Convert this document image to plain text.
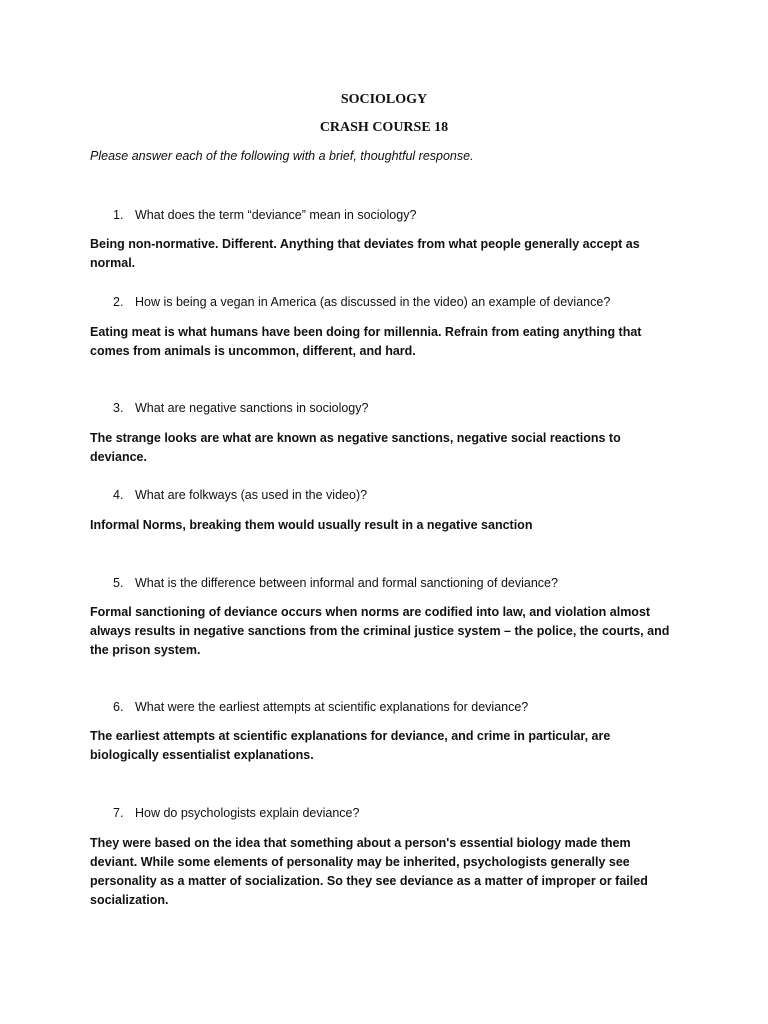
SOCIOLOGY
CRASH COURSE 18
Please answer each of the following with a brief, thoughtful response.
1. What does the term “deviance” mean in sociology?
Being non-normative. Different. Anything that deviates from what people generally accept as normal.
2. How is being a vegan in America (as discussed in the video) an example of deviance?
Eating meat is what humans have been doing for millennia. Refrain from eating anything that comes from animals is uncommon, different, and hard.
3. What are negative sanctions in sociology?
The strange looks are what are known as negative sanctions, negative social reactions to deviance.
4. What are folkways (as used in the video)?
Informal Norms, breaking them would usually result in a negative sanction
5. What is the difference between informal and formal sanctioning of deviance?
Formal sanctioning of deviance occurs when norms are codified into law, and violation almost always results in negative sanctions from the criminal justice system – the police, the courts, and the prison system.
6. What were the earliest attempts at scientific explanations for deviance?
The earliest attempts at scientific explanations for deviance, and crime in particular, are biologically essentialist explanations.
7. How do psychologists explain deviance?
They were based on the idea that something about a person's essential biology made them deviant. While some elements of personality may be inherited, psychologists generally see personality as a matter of socialization. So they see deviance as a matter of improper or failed socialization.
